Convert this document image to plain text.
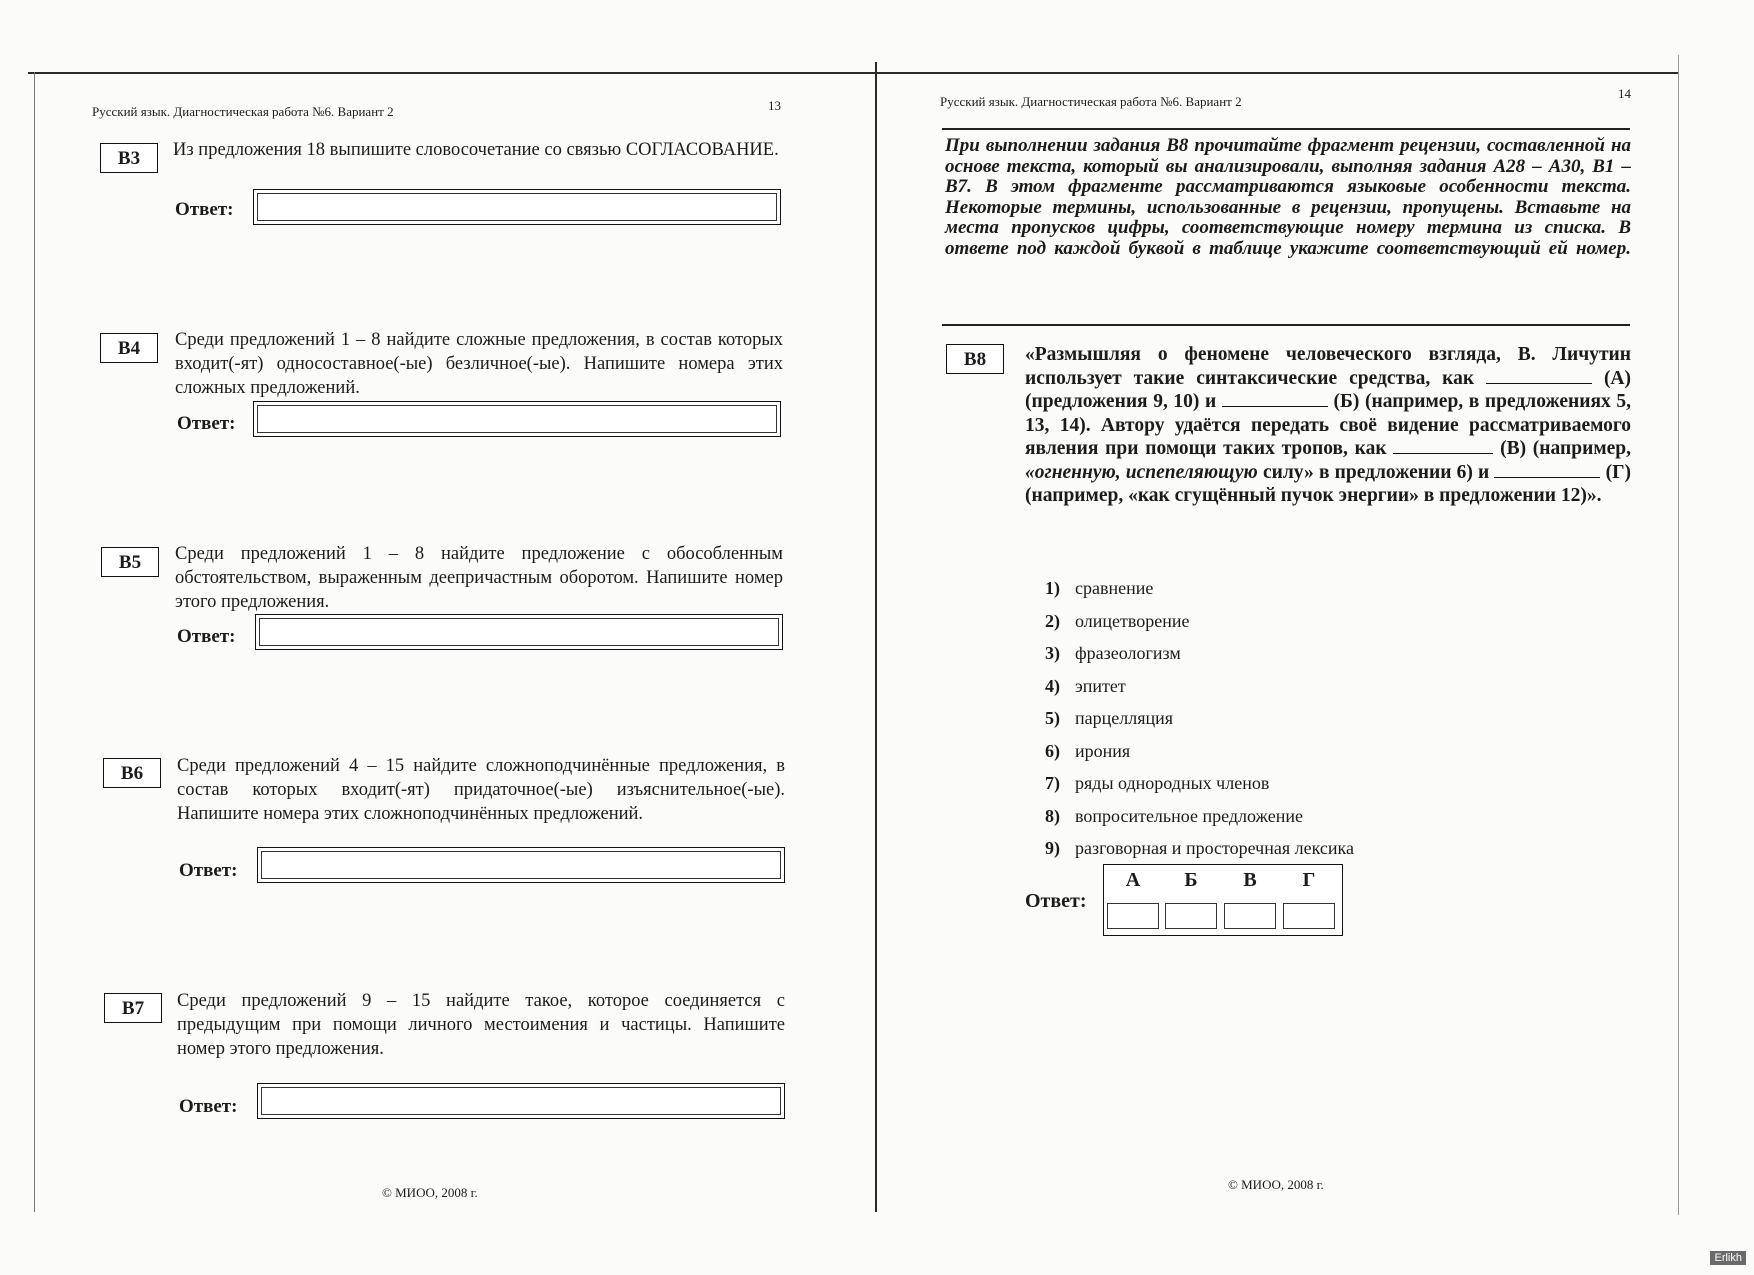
Русский язык. Диагностическая работа №6. Вариант 2	13
В3	Из предложения 18 выпишите словосочетание со связью СОГЛАСОВАНИЕ.
Ответ:
В4	Среди предложений 1 – 8 найдите сложные предложения, в состав которых входит(-ят) односоставное(-ые) безличное(-ые). Напишите номера этих сложных предложений.
Ответ:
В5	Среди предложений 1 – 8 найдите предложение с обособленным обстоятельством, выраженным деепричастным оборотом. Напишите номер этого предложения.
Ответ:
В6	Среди предложений 4 – 15 найдите сложноподчинённые предложения, в состав которых входит(-ят) придаточное(-ые) изъяснительное(-ые). Напишите номера этих сложноподчинённых предложений.
Ответ:
В7	Среди предложений 9 – 15 найдите такое, которое соединяется с предыдущим при помощи личного местоимения и частицы. Напишите номер этого предложения.
Ответ:
© МИОО, 2008 г.
Русский язык. Диагностическая работа №6. Вариант 2
14
При выполнении задания В8 прочитайте фрагмент рецензии, составленной на основе текста, который вы анализировали, выполняя задания А28 – А30, В1 – В7. В этом фрагменте рассматриваются языковые особенности текста. Некоторые термины, использованные в рецензии, пропущены. Вставьте на места пропусков цифры, соответствующие номеру термина из списка. В ответе под каждой буквой в таблице укажите соответствующий ей номер.
В8	«Размышляя о феномене человеческого взгляда, В. Личутин использует такие синтаксические средства, как	(А) (предложения 9, 10) и	(Б) (например, в предложениях 5, 13, 14). Автору удаётся передать своё видение рассматриваемого явления при помощи таких тропов, как	(В) (например, «огненную, испепеляющую силу» в предложении 6) и	(Г) (например, «как сгущённый пучок энергии» в предложении 12)».
1) сравнение
2) олицетворение
3) фразеологизм
4) эпитет
5) парцелляция
6) ирония
7) ряды однородных членов
8) вопросительное предложение
9) разговорная и просторечная лексика
Ответ:
А	Б	В	Г
© МИОО, 2008 г.
Erlikh
